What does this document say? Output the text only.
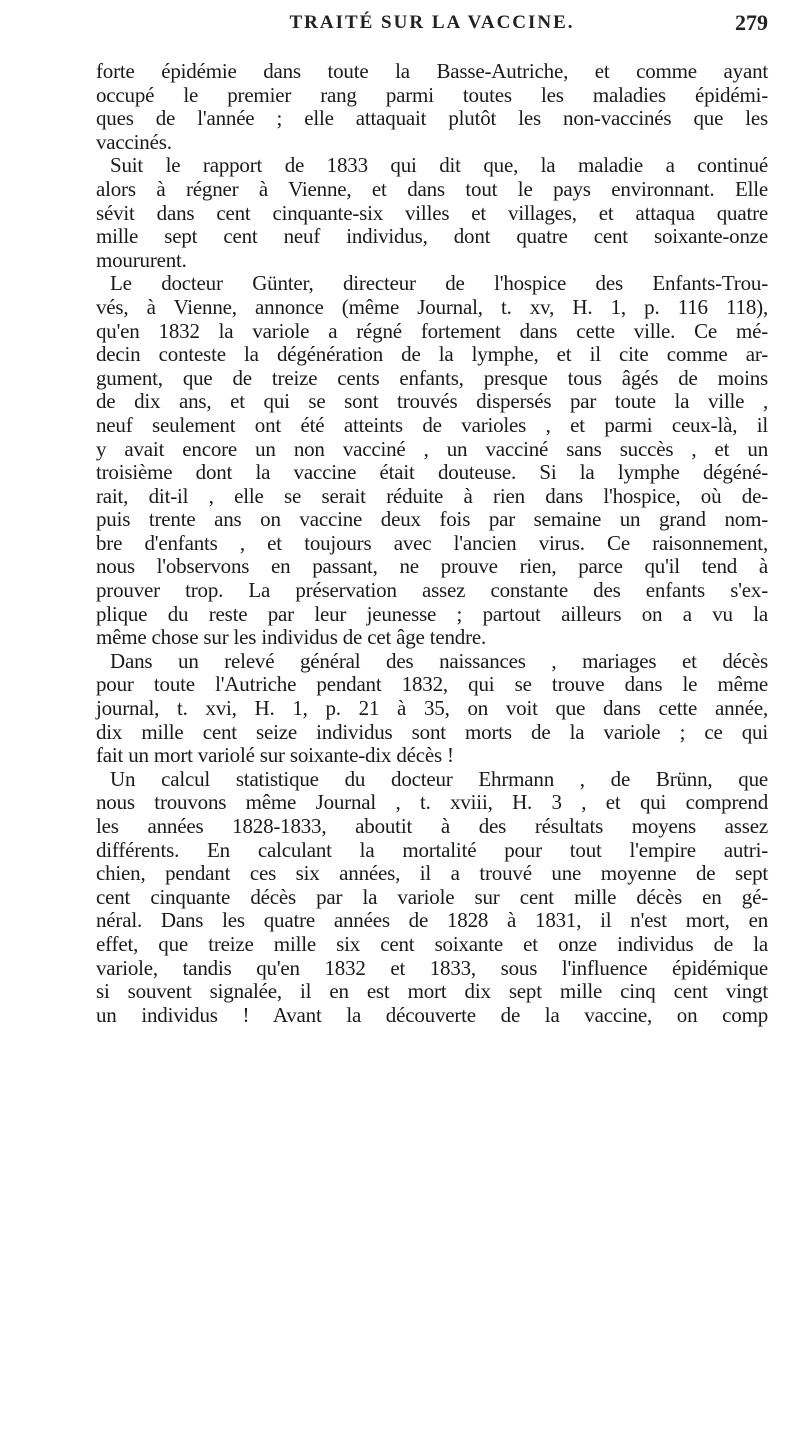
TRAITÉ SUR LA VACCINE.	279
forte épidémie dans toute la Basse-Autriche, et comme ayant
occupé le premier rang parmi toutes les maladies épidémi-
ques de l'année ; elle attaquait plutôt les non-vaccinés que les
vaccinés.
Suit le rapport de 1833 qui dit que, la maladie a continué
alors à régner à Vienne, et dans tout le pays environnant. Elle
sévit dans cent cinquante-six villes et villages, et attaqua quatre
mille sept cent neuf individus, dont quatre cent soixante-onze
moururent.
Le docteur Günter, directeur de l'hospice des Enfants-Trou-
vés, à Vienne, annonce (même Journal, t. xv, H. 1, p. 116 118),
qu'en 1832 la variole a régné fortement dans cette ville. Ce mé-
decin conteste la dégénération de la lymphe, et il cite comme ar-
gument, que de treize cents enfants, presque tous âgés de moins
de dix ans, et qui se sont trouvés dispersés par toute la ville ,
neuf seulement ont été atteints de varioles , et parmi ceux-là, il
y avait encore un non vacciné , un vacciné sans succès , et un
troisième dont la vaccine était douteuse. Si la lymphe dégéné-
rait, dit-il , elle se serait réduite à rien dans l'hospice, où de-
puis trente ans on vaccine deux fois par semaine un grand nom-
bre d'enfants , et toujours avec l'ancien virus. Ce raisonnement,
nous l'observons en passant, ne prouve rien, parce qu'il tend à
prouver trop. La préservation assez constante des enfants s'ex-
plique du reste par leur jeunesse ; partout ailleurs on a vu la
même chose sur les individus de cet âge tendre.
Dans un relevé général des naissances , mariages et décès
pour toute l'Autriche pendant 1832, qui se trouve dans le même
journal, t. xvi, H. 1, p. 21 à 35, on voit que dans cette année,
dix mille cent seize individus sont morts de la variole ; ce qui
fait un mort variolé sur soixante-dix décès !
Un calcul statistique du docteur Ehrmann , de Brünn, que
nous trouvons même Journal , t. xviii, H. 3 , et qui comprend
les années 1828-1833, aboutit à des résultats moyens assez
différents. En calculant la mortalité pour tout l'empire autri-
chien, pendant ces six années, il a trouvé une moyenne de sept
cent cinquante décès par la variole sur cent mille décès en gé-
néral. Dans les quatre années de 1828 à 1831, il n'est mort, en
effet, que treize mille six cent soixante et onze individus de la
variole, tandis qu'en 1832 et 1833, sous l'influence épidémique
si souvent signalée, il en est mort dix sept mille cinq cent vingt
un individus ! Avant la découverte de la vaccine, on comp
